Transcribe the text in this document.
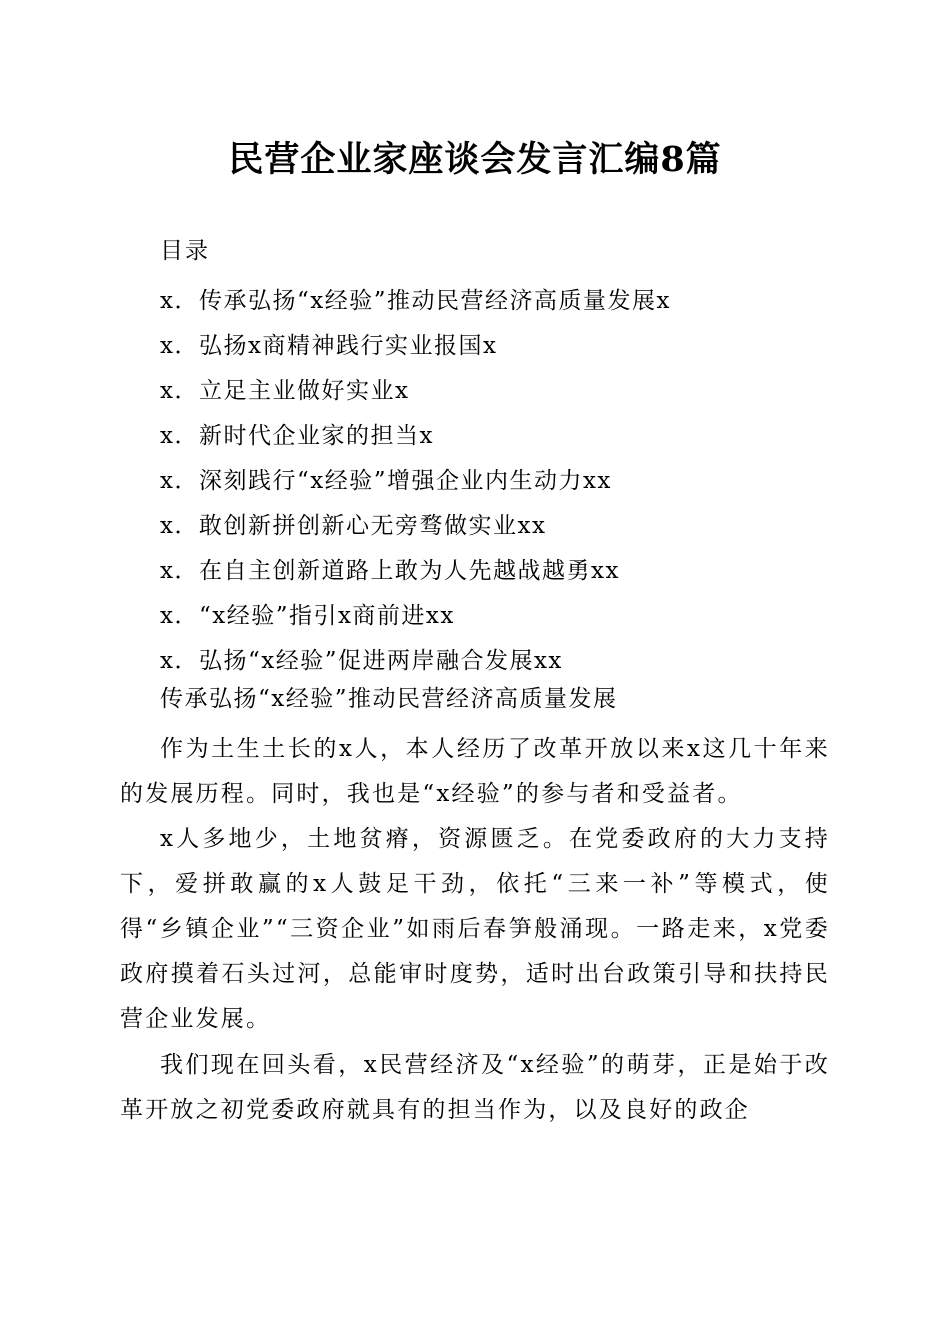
民营企业家座谈会发言汇编8篇
目录
x．传承弘扬“x经验”推动民营经济高质量发展x
x．弘扬x商精神践行实业报国x
x．立足主业做好实业x
x．新时代企业家的担当x
x．深刻践行“x经验”增强企业内生动力xx
x．敢创新拼创新心无旁骛做实业xx
x．在自主创新道路上敢为人先越战越勇xx
x．“x经验”指引x商前进xx
x．弘扬“x经验”促进两岸融合发展xx
传承弘扬“x经验”推动民营经济高质量发展

作为土生土长的x人，本人经历了改革开放以来x这几十年来的发展历程。同时，我也是“x经验”的参与者和受益者。

x人多地少，土地贫瘠，资源匮乏。在党委政府的大力支持下，爱拼敢赢的x人鼓足干劲，依托“三来一补”等模式，使得“乡镇企业”“三资企业”如雨后春笋般涌现。一路走来，x党委政府摸着石头过河，总能审时度势，适时出台政策引导和扶持民营企业发展。

我们现在回头看，x民营经济及“x经验”的萌芽，正是始于改革开放之初党委政府就具有的担当作为，以及良好的政企
